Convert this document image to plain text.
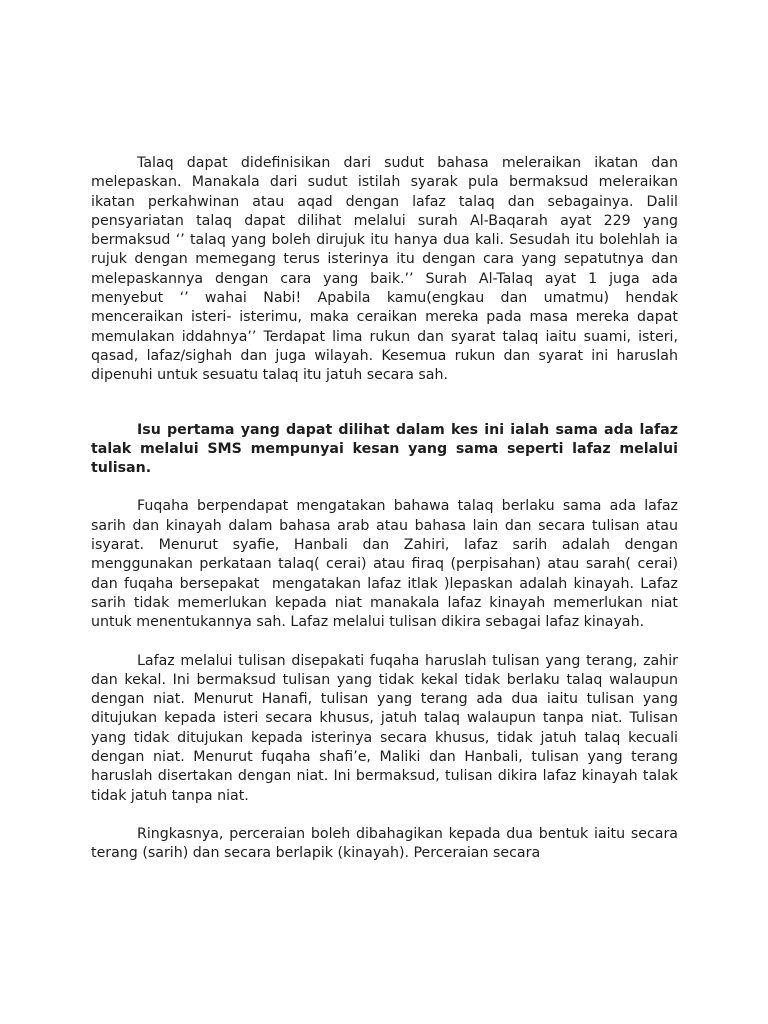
Talaq dapat didefinisikan dari sudut bahasa meleraikan ikatan dan melepaskan. Manakala dari sudut istilah syarak pula bermaksud meleraikan ikatan perkahwinan atau aqad dengan lafaz talaq dan sebagainya. Dalil pensyariatan talaq dapat dilihat melalui surah Al-Baqarah ayat 229 yang bermaksud ‘’ talaq yang boleh dirujuk itu hanya dua kali. Sesudah itu bolehlah ia rujuk dengan memegang terus isterinya itu dengan cara yang sepatutnya dan melepaskannya dengan cara yang baik.’’ Surah Al-Talaq ayat 1 juga ada menyebut ‘’ wahai Nabi! Apabila kamu(engkau dan umatmu) hendak menceraikan isteri- isterimu, maka ceraikan mereka pada masa mereka dapat memulakan iddahnya’’ Terdapat lima rukun dan syarat talaq iaitu suami, isteri, qasad, lafaz/sighah dan juga wilayah. Kesemua rukun dan syarat ini haruslah dipenuhi untuk sesuatu talaq itu jatuh secara sah.

Isu pertama yang dapat dilihat dalam kes ini ialah sama ada lafaz talak melalui SMS mempunyai kesan yang sama seperti lafaz melalui tulisan.

Fuqaha berpendapat mengatakan bahawa talaq berlaku sama ada lafaz sarih dan kinayah dalam bahasa arab atau bahasa lain dan secara tulisan atau isyarat. Menurut syafie, Hanbali dan Zahiri, lafaz sarih adalah dengan menggunakan perkataan talaq( cerai) atau firaq (perpisahan) atau sarah( cerai) dan fuqaha bersepakat  mengatakan lafaz itlak )lepaskan adalah kinayah. Lafaz sarih tidak memerlukan kepada niat manakala lafaz kinayah memerlukan niat untuk menentukannya sah. Lafaz melalui tulisan dikira sebagai lafaz kinayah.

Lafaz melalui tulisan disepakati fuqaha haruslah tulisan yang terang, zahir dan kekal. Ini bermaksud tulisan yang tidak kekal tidak berlaku talaq walaupun dengan niat. Menurut Hanafi, tulisan yang terang ada dua iaitu tulisan yang ditujukan kepada isteri secara khusus, jatuh talaq walaupun tanpa niat. Tulisan yang tidak ditujukan kepada isterinya secara khusus, tidak jatuh talaq kecuali dengan niat. Menurut fuqaha shafi’e, Maliki dan Hanbali, tulisan yang terang haruslah disertakan dengan niat. Ini bermaksud, tulisan dikira lafaz kinayah talak tidak jatuh tanpa niat.

Ringkasnya, perceraian boleh dibahagikan kepada dua bentuk iaitu secara terang (sarih) dan secara berlapik (kinayah). Perceraian secara
